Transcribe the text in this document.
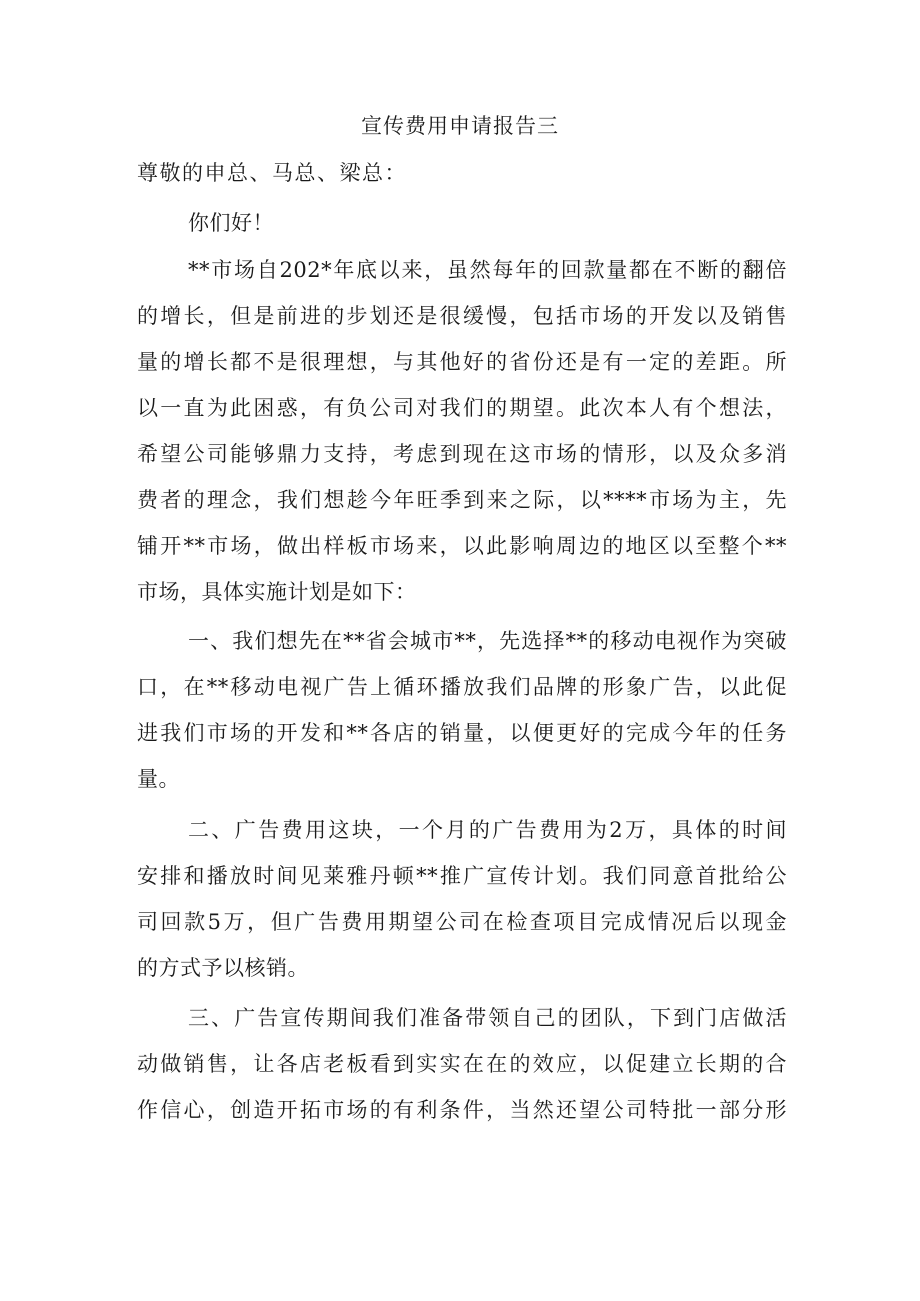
宣传费用申请报告三
尊敬的申总、马总、梁总：
你们好！
**市场自202*年底以来，虽然每年的回款量都在不断的翻倍
的增长，但是前进的步划还是很缓慢，包括市场的开发以及销售
量的增长都不是很理想，与其他好的省份还是有一定的差距。所
以一直为此困惑，有负公司对我们的期望。此次本人有个想法，
希望公司能够鼎力支持，考虑到现在这市场的情形，以及众多消
费者的理念，我们想趁今年旺季到来之际，以****市场为主，先
铺开**市场，做出样板市场来，以此影响周边的地区以至整个**
市场，具体实施计划是如下：
一、我们想先在**省会城市**，先选择**的移动电视作为突破
口，在**移动电视广告上循环播放我们品牌的形象广告，以此促
进我们市场的开发和**各店的销量，以便更好的完成今年的任务
量。
二、广告费用这块，一个月的广告费用为2万，具体的时间
安排和播放时间见莱雅丹顿**推广宣传计划。我们同意首批给公
司回款5万，但广告费用期望公司在检查项目完成情况后以现金
的方式予以核销。
三、广告宣传期间我们准备带领自己的团队，下到门店做活
动做销售，让各店老板看到实实在在的效应，以促建立长期的合
作信心，创造开拓市场的有利条件，当然还望公司特批一部分形
